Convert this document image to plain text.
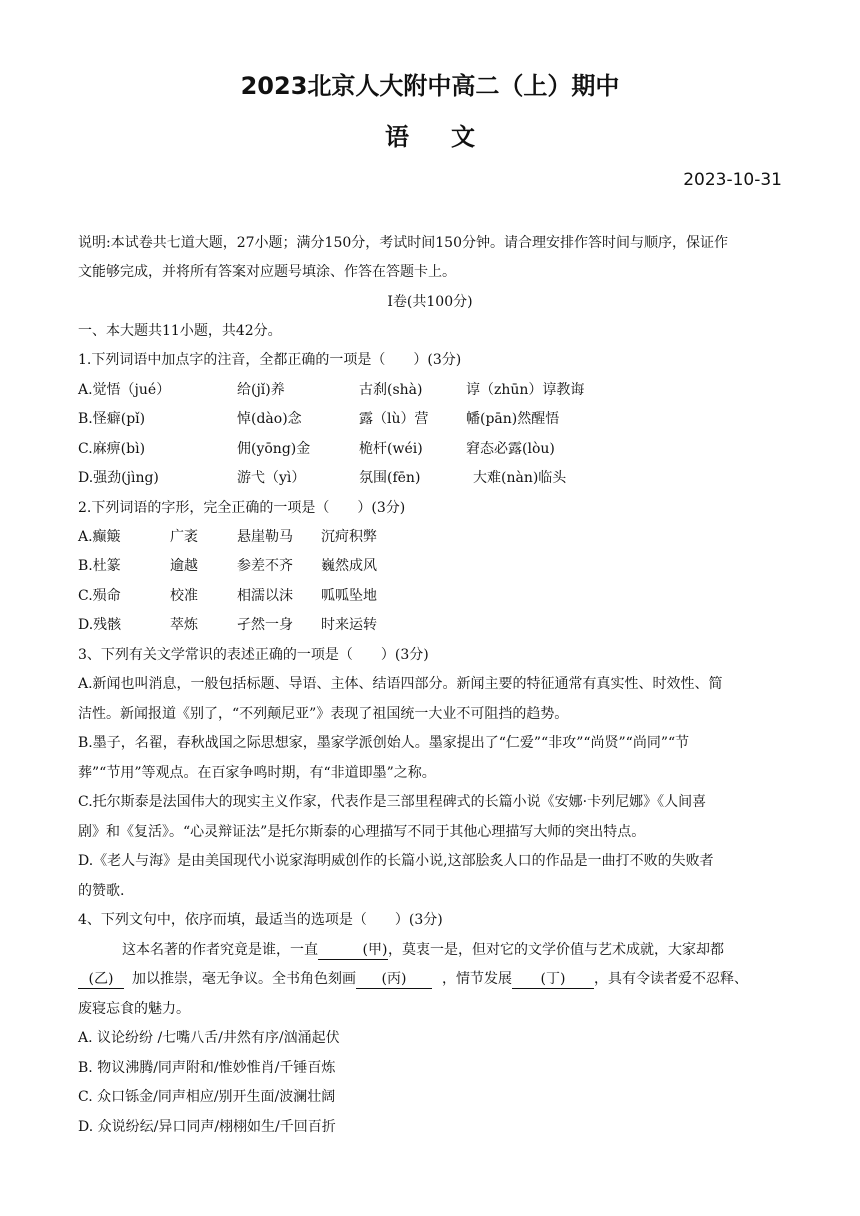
2023北京人大附中高二（上）期中
语文
2023-10-31
说明:本试卷共七道大题，27小题；满分150分，考试时间150分钟。请合理安排作答时间与顺序，保证作
文能够完成，并将所有答案对应题号填涂、作答在答题卡上。
Ⅰ卷(共100分)
一、本大题共11小题，共42分。
1.下列词语中加点字的注音，全都正确的一项是（　　）(3分)
A.觉悟（jué）	给(jǐ)养	古刹(shà)	谆（zhūn）谆教诲
B.怪癖(pǐ)	悼(dào)念	露（lù）营	幡(pān)然醒悟
C.麻痹(bì)	佣(yōng)金	桅杆(wéi)	窘态必露(lòu)
D.强劲(jìng)	游弋（yì）	氛围(fēn)	大难(nàn)临头
2.下列词语的字形，完全正确的一项是（　　）(3分)
A.癫簸	广袤	悬崖勒马 沉疴积弊
B.杜篆	逾越	参差不齐 巍然成风
C.殒命	校准	相濡以沫 呱呱坠地
D.残骸	萃炼	孑然一身 时来运转
3、下列有关文学常识的表述正确的一项是（　　）(3分)
A.新闻也叫消息，一般包括标题、导语、主体、结语四部分。新闻主要的特征通常有真实性、时效性、简
洁性。新闻报道《别了，“不列颠尼亚”》表现了祖国统一大业不可阻挡的趋势。
B.墨子，名翟，春秋战国之际思想家，墨家学派创始人。墨家提出了“仁爱”“非攻”“尚贤”“尚同”“节
葬”“节用”等观点。在百家争鸣时期，有“非道即墨”之称。
C.托尔斯泰是法国伟大的现实主义作家，代表作是三部里程碑式的长篇小说《安娜·卡列尼娜》《人间喜
剧》和《复活》。“心灵辩证法”是托尔斯泰的心理描写不同于其他心理描写大师的突出特点。
D.《老人与海》是由美国现代小说家海明威创作的长篇小说,这部脍炙人口的作品是一曲打不败的失败者
的赞歌.
4、下列文句中，依序而填，最适当的选项是（　　）(3分)
这本名著的作者究竟是谁，一直	(甲)，莫衷一是，但对它的文学价值与艺术成就，大家却都
(乙) 加以推崇，毫无争议。全书角色刻画 (丙)	，情节发展 (丁) ，具有令读者爱不忍释、
废寝忘食的魅力。
A. 议论纷纷 /七嘴八舌/井然有序/汹涌起伏
B. 物议沸腾/同声附和/惟妙惟肖/千锤百炼
C. 众口铄金/同声相应/别开生面/波澜壮阔
D. 众说纷纭/异口同声/栩栩如生/千回百折
